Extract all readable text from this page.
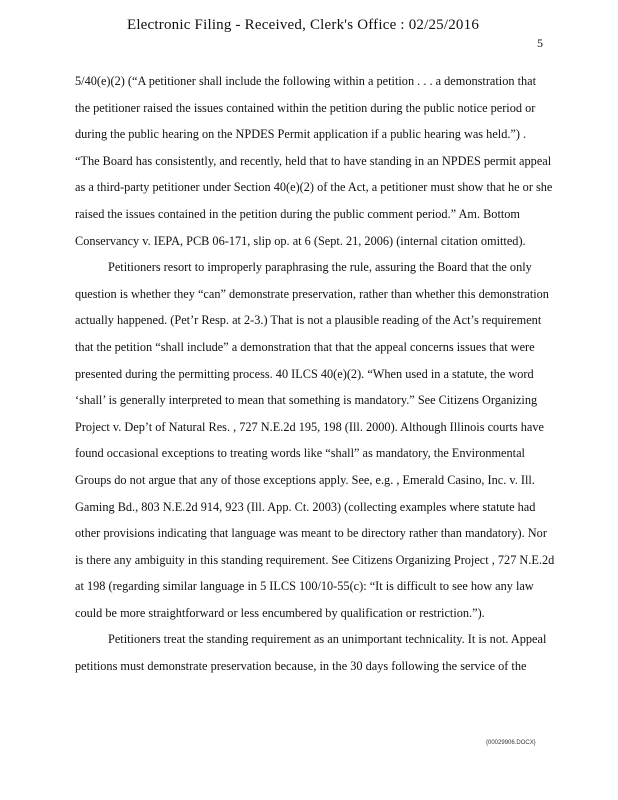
Electronic Filing - Received, Clerk's Office : 02/25/2016
5
5/40(e)(2) (“A petitioner shall include the following within a petition . . . a demonstration that
the petitioner raised the issues contained within the petition during the public notice period or
during the public hearing on the NPDES Permit application if a public hearing was held.”) .
“The Board has consistently, and recently, held that to have standing in an NPDES permit appeal
as a third-party petitioner under Section 40(e)(2) of the Act, a petitioner must show that he or she
raised the issues contained in the petition during the public comment period.” Am. Bottom
Conservancy v. IEPA, PCB 06-171, slip op. at 6 (Sept. 21, 2006) (internal citation omitted).
Petitioners resort to improperly paraphrasing the rule, assuring the Board that the only
question is whether they “can” demonstrate preservation, rather than whether this demonstration
actually happened. (Pet’r Resp. at 2-3.) That is not a plausible reading of the Act’s requirement
that the petition “shall include” a demonstration that that the appeal concerns issues that were
presented during the permitting process. 40 ILCS 40(e)(2). “When used in a statute, the word
‘shall’ is generally interpreted to mean that something is mandatory.” See Citizens Organizing
Project v. Dep’t of Natural Res. , 727 N.E.2d 195, 198 (Ill. 2000). Although Illinois courts have
found occasional exceptions to treating words like “shall” as mandatory, the Environmental
Groups do not argue that any of those exceptions apply. See, e.g. , Emerald Casino, Inc. v. Ill.
Gaming Bd., 803 N.E.2d 914, 923 (Ill. App. Ct. 2003) (collecting examples where statute had
other provisions indicating that language was meant to be directory rather than mandatory). Nor
is there any ambiguity in this standing requirement. See Citizens Organizing Project , 727 N.E.2d
at 198 (regarding similar language in 5 ILCS 100/10-55(c): “It is difficult to see how any law
could be more straightforward or less encumbered by qualification or restriction.”).
Petitioners treat the standing requirement as an unimportant technicality. It is not. Appeal
petitions must demonstrate preservation because, in the 30 days following the service of the
{00029906.DOCX}
